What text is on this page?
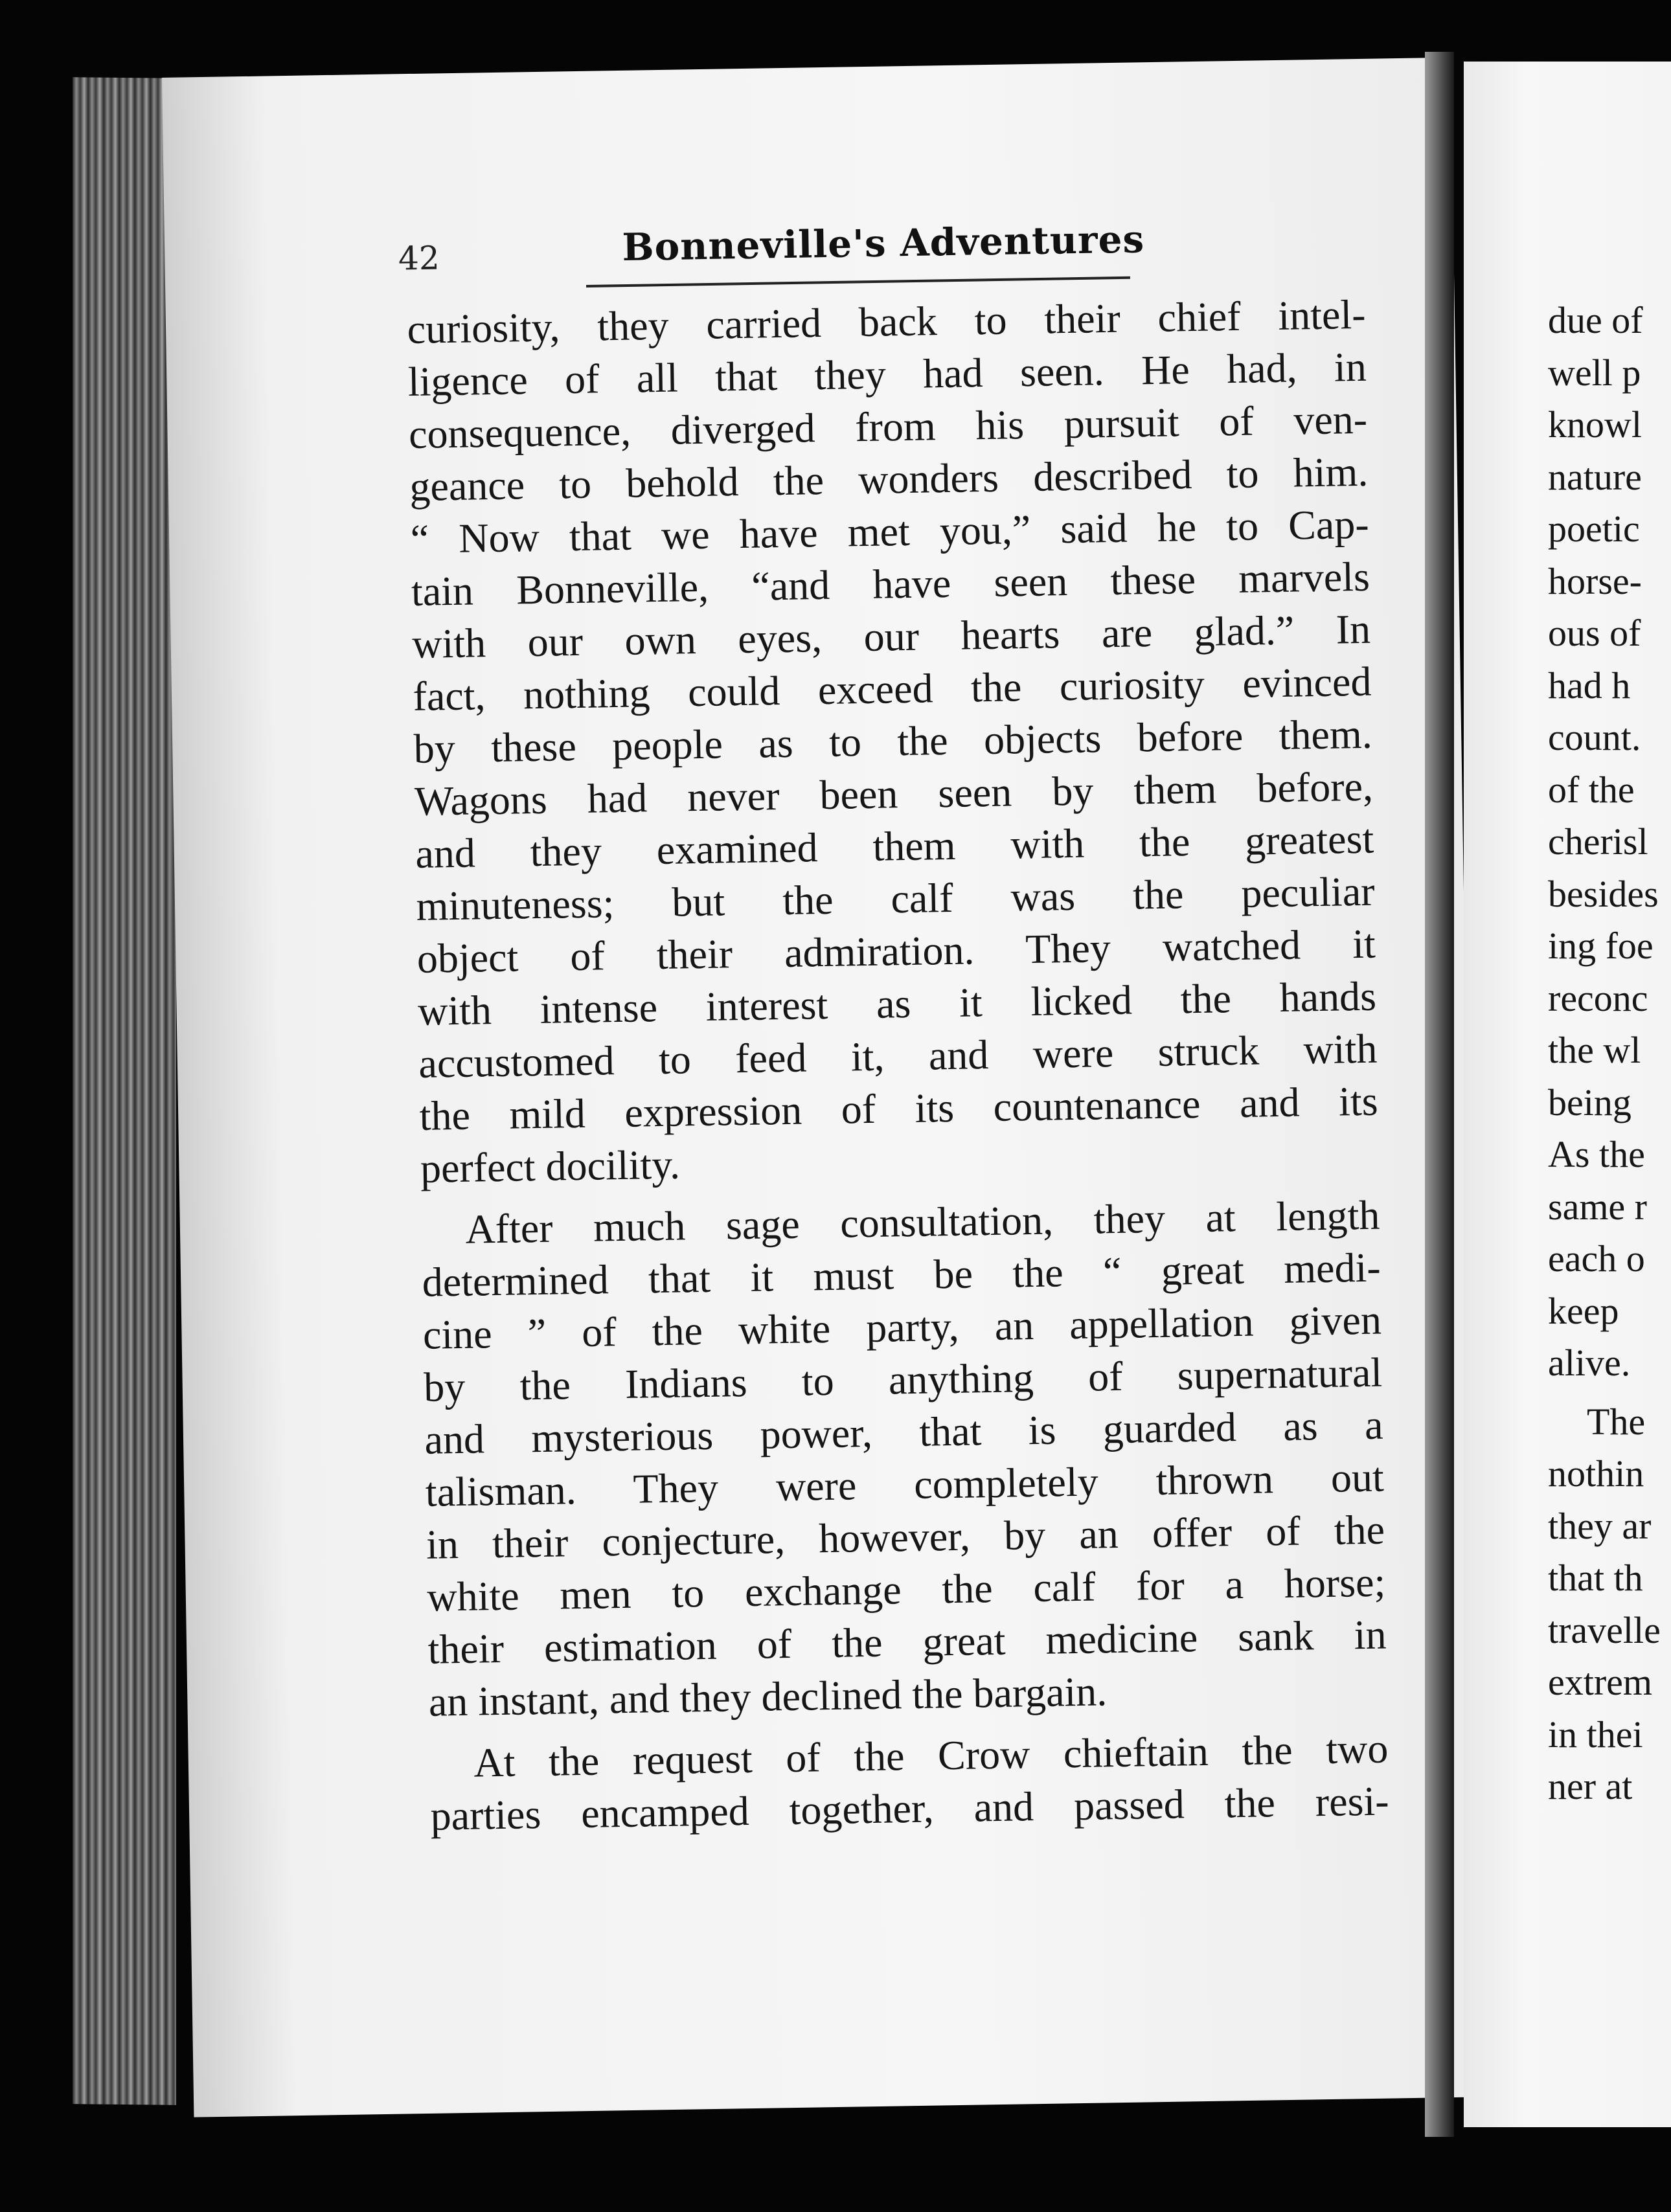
42	Bonneville's Adventures
curiosity, they carried back to their chief intel-
ligence of all that they had seen. He had, in
consequence, diverged from his pursuit of ven-
geance to behold the wonders described to him.
“ Now that we have met you,” said he to Cap-
tain Bonneville, “and have seen these marvels
with our own eyes, our hearts are glad.” In
fact, nothing could exceed the curiosity evinced
by these people as to the objects before them.
Wagons had never been seen by them before,
and they examined them with the greatest
minuteness; but the calf was the peculiar
object of their admiration. They watched it
with intense interest as it licked the hands
accustomed to feed it, and were struck with
the mild expression of its countenance and its
perfect docility.
After much sage consultation, they at length
determined that it must be the “ great medi-
cine ” of the white party, an appellation given
by the Indians to anything of supernatural
and mysterious power, that is guarded as a
talisman. They were completely thrown out
in their conjecture, however, by an offer of the
white men to exchange the calf for a horse;
their estimation of the great medicine sank in
an instant, and they declined the bargain.
At the request of the Crow chieftain the two
parties encamped together, and passed the resi-
due of
well p
knowl
nature
poetic
horse-
ous of
had h
count.
of the
cherisl
besides
ing foe
reconc
the wl
being
As the
same r
each o
keep
alive.
The
nothin
they ar
that th
travelle
extrem
in thei
ner at
